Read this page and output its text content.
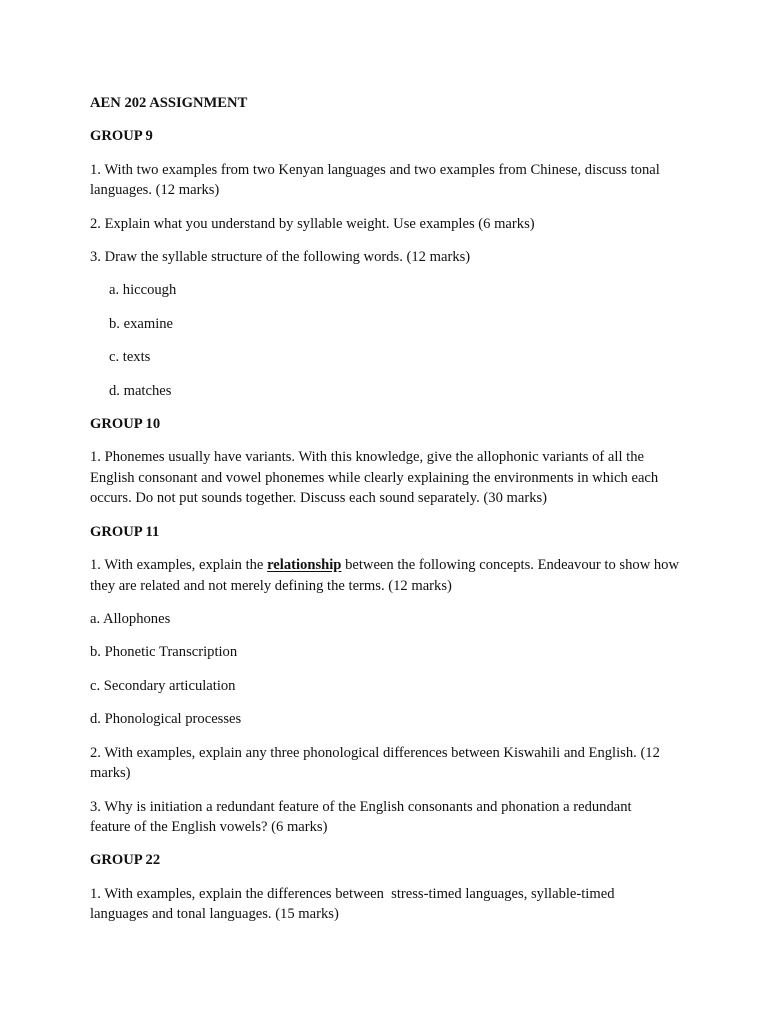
AEN 202 ASSIGNMENT
GROUP 9
1. With two examples from two Kenyan languages and two examples from Chinese, discuss tonal languages. (12 marks)
2. Explain what you understand by syllable weight. Use examples (6 marks)
3. Draw the syllable structure of the following words. (12 marks)
a. hiccough
b. examine
c. texts
d. matches
GROUP 10
1. Phonemes usually have variants. With this knowledge, give the allophonic variants of all the English consonant and vowel phonemes while clearly explaining the environments in which each occurs. Do not put sounds together. Discuss each sound separately. (30 marks)
GROUP 11
1. With examples, explain the relationship between the following concepts. Endeavour to show how they are related and not merely defining the terms. (12 marks)
a. Allophones
b. Phonetic Transcription
c. Secondary articulation
d. Phonological processes
2. With examples, explain any three phonological differences between Kiswahili and English. (12 marks)
3. Why is initiation a redundant feature of the English consonants and phonation a redundant feature of the English vowels? (6 marks)
GROUP 22
1. With examples, explain the differences between  stress-timed languages, syllable-timed languages and tonal languages. (15 marks)
